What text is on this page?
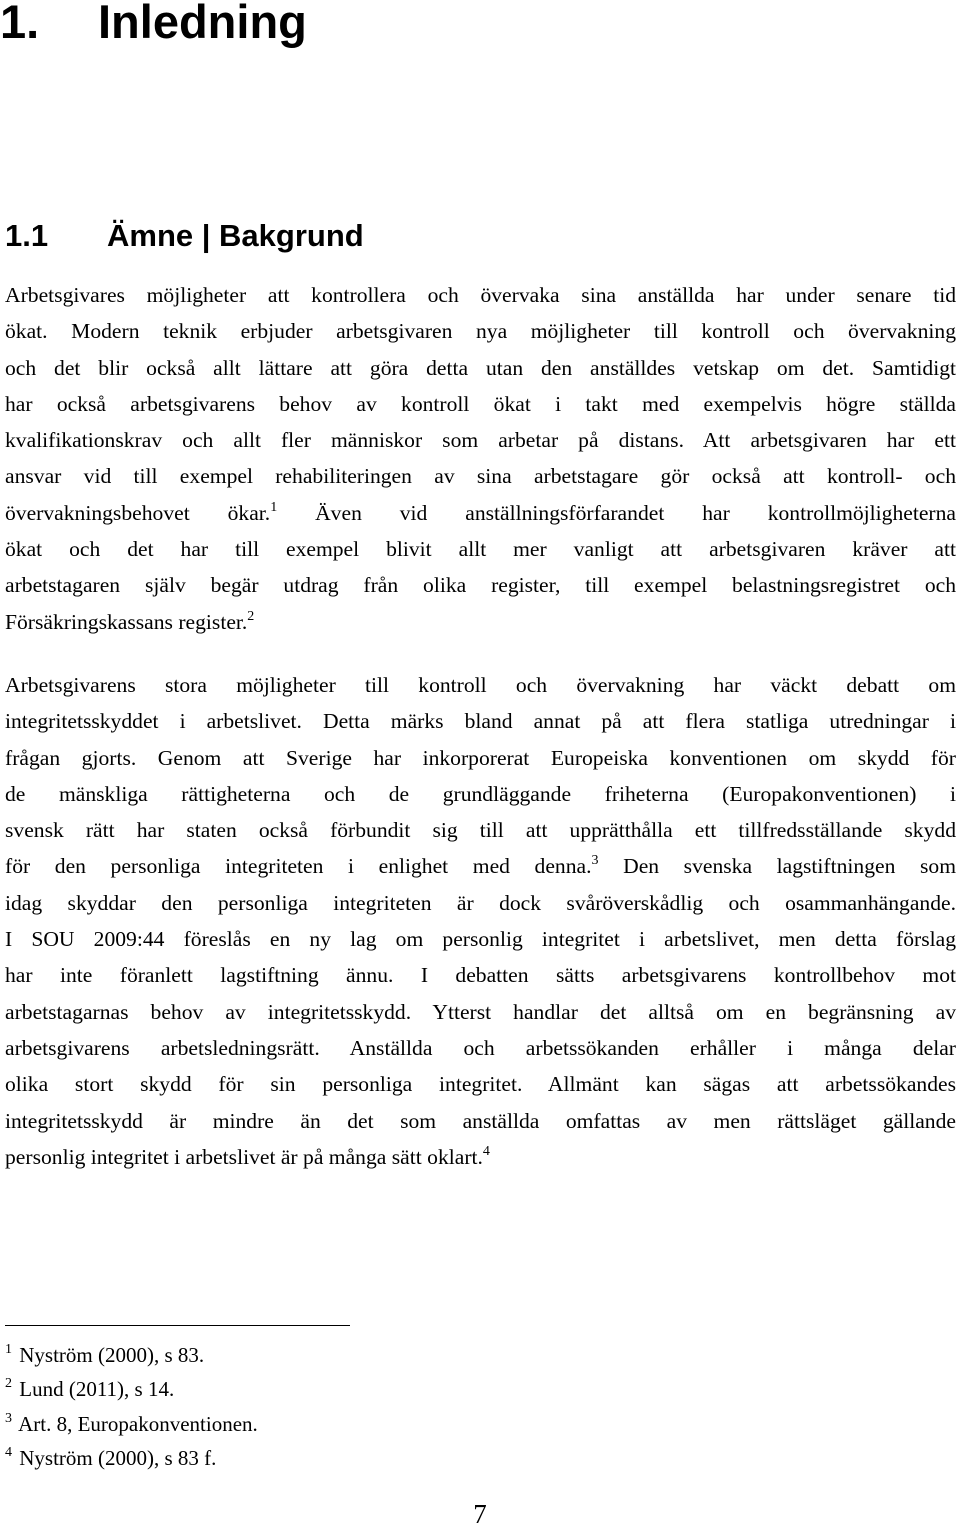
1. Inledning
1.1 Ämne | Bakgrund
Arbetsgivares möjligheter att kontrollera och övervaka sina anställda har under senare tid
ökat. Modern teknik erbjuder arbetsgivaren nya möjligheter till kontroll och övervakning
och det blir också allt lättare att göra detta utan den anställdes vetskap om det. Samtidigt
har också arbetsgivarens behov av kontroll ökat i takt med exempelvis högre ställda
kvalifikationskrav och allt fler människor som arbetar på distans. Att arbetsgivaren har ett
ansvar vid till exempel rehabiliteringen av sina arbetstagare gör också att kontroll- och
övervakningsbehovet ökar.$^1$ Även vid anställningsförfarandet har kontrollmöjligheterna
ökat och det har till exempel blivit allt mer vanligt att arbetsgivaren kräver att
arbetstagaren själv begär utdrag från olika register, till exempel belastningsregistret och
Försäkringskassans register.$^2$
Arbetsgivarens stora möjligheter till kontroll och övervakning har väckt debatt om
integritetsskyddet i arbetslivet. Detta märks bland annat på att flera statliga utredningar i
frågan gjorts. Genom att Sverige har inkorporerat Europeiska konventionen om skydd för
de mänskliga rättigheterna och de grundläggande friheterna (Europakonventionen) i
svensk rätt har staten också förbundit sig till att upprätthålla ett tillfredsställande skydd
för den personliga integriteten i enlighet med denna.$^3$ Den svenska lagstiftningen som
idag skyddar den personliga integriteten är dock svåröverskådlig och osammanhängande.
I SOU 2009:44 föreslås en ny lag om personlig integritet i arbetslivet, men detta förslag
har inte föranlett lagstiftning ännu. I debatten sätts arbetsgivarens kontrollbehov mot
arbetstagarnas behov av integritetsskydd. Ytterst handlar det alltså om en begränsning av
arbetsgivarens arbetsledningsrätt. Anställda och arbetssökanden erhåller i många delar
olika stort skydd för sin personliga integritet. Allmänt kan sägas att arbetssökandes
integritetsskydd är mindre än det som anställda omfattas av men rättsläget gällande
personlig integritet i arbetslivet är på många sätt oklart.$^4$
$^1$ Nyström (2000), s 83.
$^2$ Lund (2011), s 14.
$^3$ Art. 8, Europakonventionen.
$^4$ Nyström (2000), s 83 f.
7
